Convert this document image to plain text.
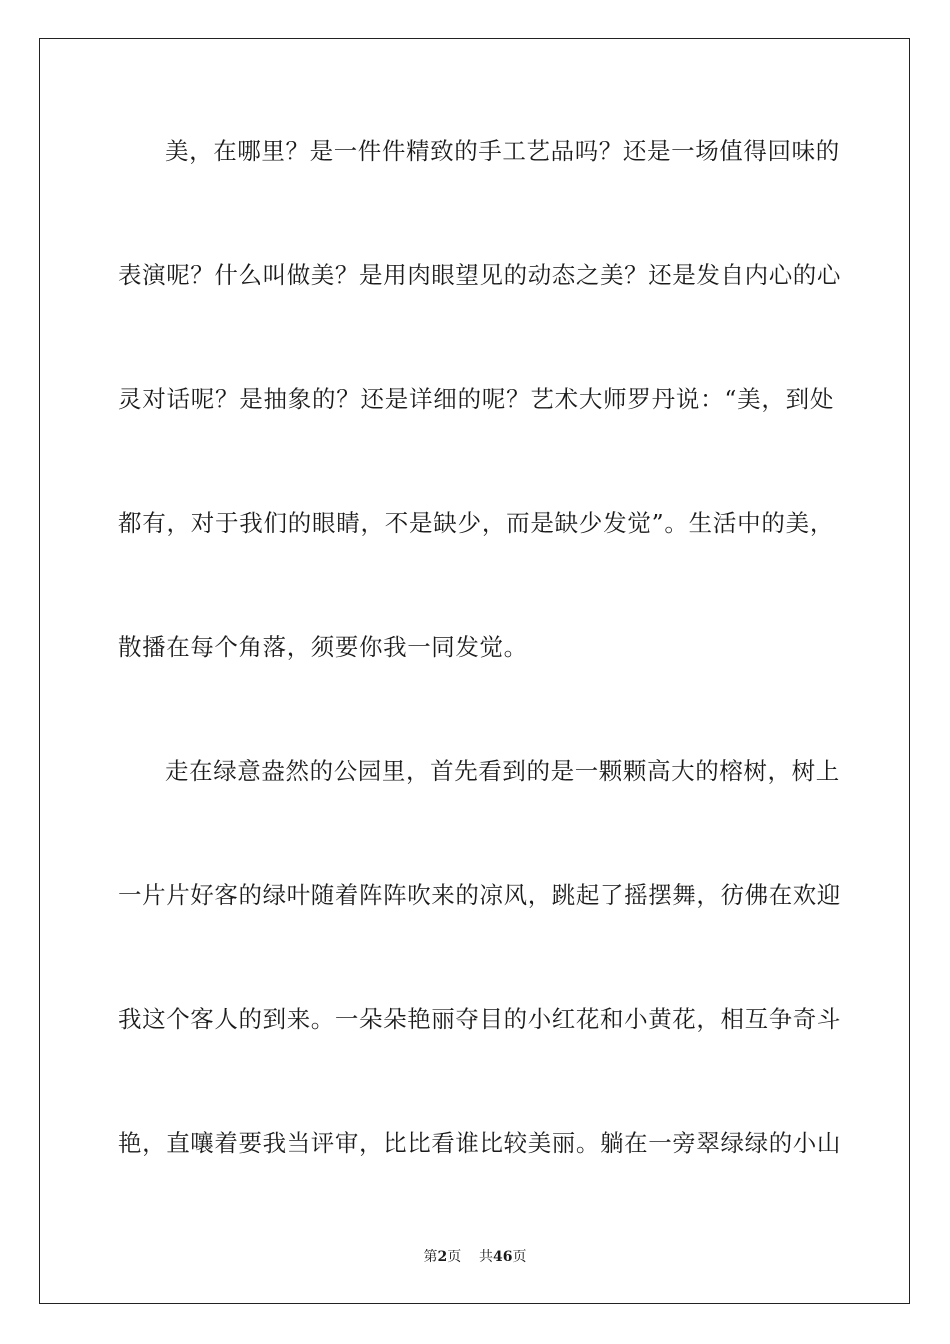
美，在哪里？是一件件精致的手工艺品吗？还是一场值得回味的
表演呢？什么叫做美？是用肉眼望见的动态之美？还是发自内心的心
灵对话呢？是抽象的？还是详细的呢？艺术大师罗丹说：“美，到处
都有，对于我们的眼睛，不是缺少，而是缺少发觉”。生活中的美，
散播在每个角落，须要你我一同发觉。
走在绿意盎然的公园里，首先看到的是一颗颗高大的榕树，树上
一片片好客的绿叶随着阵阵吹来的凉风，跳起了摇摆舞，彷佛在欢迎
我这个客人的到来。一朵朵艳丽夺目的小红花和小黄花，相互争奇斗
艳，直嚷着要我当评审，比比看谁比较美丽。躺在一旁翠绿绿的小山
第2页 共46页
